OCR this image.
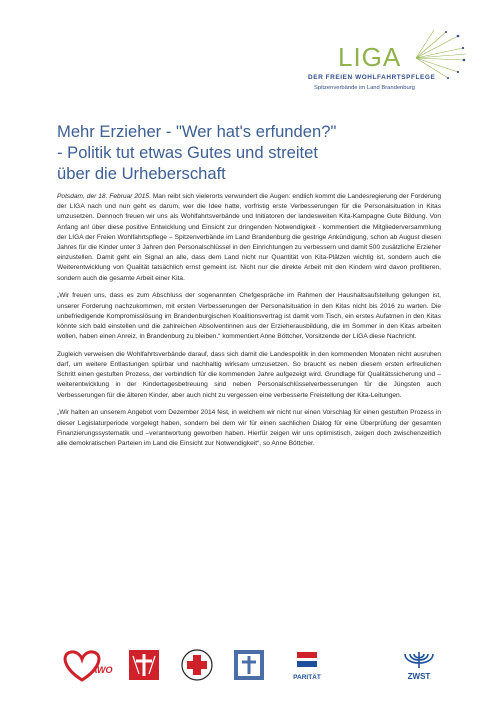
LIGA
DER FREIEN WOHLFAHRTSPFLEGE
Spitzenverbände im Land Brandenburg
Mehr Erzieher - "Wer hat's erfunden?"
- Politik tut etwas Gutes und streitet
über die Urheberschaft

Potsdam, der 18. Februar 2015. Man reibt sich vielerorts verwundert die Augen: endlich kommt die Landesregierung der Forderung der LIGA nach und nun geht es darum, wer die Idee hatte, vorfristig erste Verbesserungen für die Personalsituation in Kitas umzusetzen. Dennoch freuen wir uns als Wohlfahrtsverbände und Initiatoren der landesweiten Kita-Kampagne Gute Bildung. Von Anfang an! über diese positive Entwicklung und Einsicht zur dringenden Notwendigkeit - kommentiert die Mitgliederversammlung der LIGA der Freien Wohlfahrtspflege – Spitzenverbände im Land Brandenburg die gestrige Ankündigung, schon ab August diesen Jahres für die Kinder unter 3 Jahren den Personalschlüssel in den Einrichtungen zu verbessern und damit 500 zusätzliche Erzieher einzustellen. Damit geht ein Signal an alle, dass dem Land nicht nur Quantität von Kita-Plätzen wichtig ist, sondern auch die Weiterentwicklung von Qualität tatsächlich ernst gemeint ist. Nicht nur die direkte Arbeit mit den Kindern wird davon profitieren, sondern auch die gesamte Arbeit einer Kita.

„Wir freuen uns, dass es zum Abschluss der sogenannten Chefgespräche im Rahmen der Haushaltsaufstellung gelungen ist, unserer Forderung nachzukommen, mit ersten Verbesserungen der Personalsituation in den Kitas nicht bis 2016 zu warten. Die unbefriedigende Kompromisslösung im Brandenburgischen Koalitionsvertrag ist damit vom Tisch, ein erstes Aufatmen in den Kitas könnte sich bald einstellen und die zahlreichen Absolventinnen aus der Erzieherausbildung, die im Sommer in den Kitas arbeiten wollen, haben einen Anreiz, in Brandenburg zu bleiben.“ kommentiert Anne Böttcher, Vorsitzende der LIGA diese Nachricht.

Zugleich verweisen die Wohlfahrtsverbände darauf, dass sich damit die Landespolitik in den kommenden Monaten nicht ausruhen darf, um weitere Entlastungen spürbar und nachhaltig wirksam umzusetzen. So braucht es neben diesem ersten erfreulichen Schritt einen gestuften Prozess, der verbindlich für die kommenden Jahre aufgezeigt wird. Grundlage für Qualitätssicherung und –weiterentwicklung in der Kindertagesbetreuung sind neben Personalschlüsselverbesserungen für die Jüngsten auch Verbesserungen für die älteren Kinder, aber auch nicht zu vergessen eine verbesserte Freistellung der Kita-Leitungen.

„Wir halten an unserem Angebot vom Dezember 2014 fest, in welchem wir nicht nur einen Vorschlag für einen gestuften Prozess in dieser Legislaturperiode vorgelegt haben, sondern bei dem wir für einen sachlichen Dialog für eine Überprüfung der gesamten Finanzierungssystematik und –verantwortung geworben haben. Hierfür zeigen wir uns optimistisch, zeigen doch zwischenzeitlich alle demokratischen Parteien im Land die Einsicht zur Notwendigkeit“, so Anne Böttcher.

AWO
PARITÄT	ZWST
